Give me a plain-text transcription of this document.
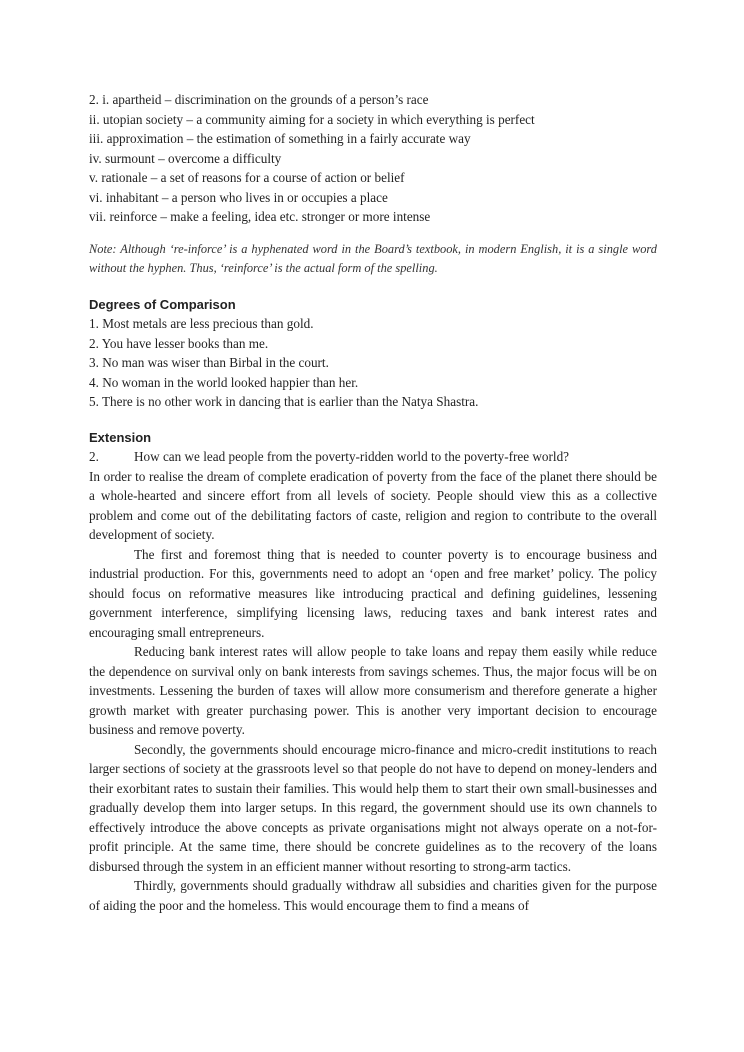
2. i. apartheid – discrimination on the grounds of a person’s race

ii. utopian society – a community aiming for a society in which everything is perfect

iii. approximation – the estimation of something in a fairly accurate way

iv. surmount – overcome a difficulty

v. rationale – a set of reasons for a course of action or belief

vi. inhabitant – a person who lives in or occupies a place

vii. reinforce – make a feeling, idea etc. stronger or more intense

Note: Although ‘re-inforce’ is a hyphenated word in the Board’s textbook, in modern English, it is a single word without the hyphen. Thus, ‘reinforce’ is the actual form of the spelling.

Degrees of Comparison

1. Most metals are less precious than gold.

2. You have lesser books than me.

3. No man was wiser than Birbal in the court.

4. No woman in the world looked happier than her.

5. There is no other work in dancing that is earlier than the Natya Shastra.

Extension

2.	How can we lead people from the poverty-ridden world to the poverty-free world?

In order to realise the dream of complete eradication of poverty from the face of the planet there should be a whole-hearted and sincere effort from all levels of society. People should view this as a collective problem and come out of the debilitating factors of caste, religion and region to contribute to the overall development of society.

The first and foremost thing that is needed to counter poverty is to encourage business and industrial production. For this, governments need to adopt an ‘open and free market’ policy. The policy should focus on reformative measures like introducing practical and defining guidelines, lessening government interference, simplifying licensing laws, reducing taxes and bank interest rates and encouraging small entrepreneurs.

Reducing bank interest rates will allow people to take loans and repay them easily while reduce the dependence on survival only on bank interests from savings schemes. Thus, the major focus will be on investments. Lessening the burden of taxes will allow more consumerism and therefore generate a higher growth market with greater purchasing power. This is another very important decision to encourage business and remove poverty.

Secondly, the governments should encourage micro-finance and micro-credit institutions to reach larger sections of society at the grassroots level so that people do not have to depend on money-lenders and their exorbitant rates to sustain their families. This would help them to start their own small-businesses and gradually develop them into larger setups. In this regard, the government should use its own channels to effectively introduce the above concepts as private organisations might not always operate on a not-for-profit principle. At the same time, there should be concrete guidelines as to the recovery of the loans disbursed through the system in an efficient manner without resorting to strong-arm tactics.

Thirdly, governments should gradually withdraw all subsidies and charities given for the purpose of aiding the poor and the homeless. This would encourage them to find a means of
